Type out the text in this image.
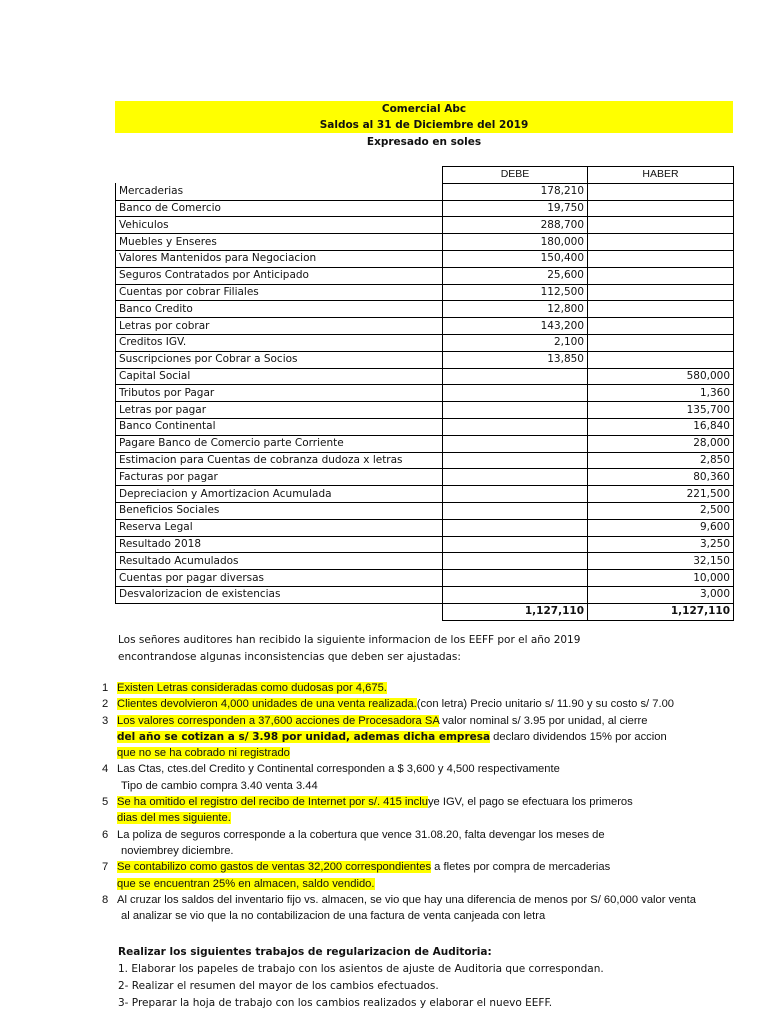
Comercial Abc
Saldos al 31 de Diciembre del 2019
Expresado en soles
	DEBE	HABER
Mercaderias	178,210	
Banco de Comercio	19,750	
Vehiculos	288,700	
Muebles y Enseres	180,000	
Valores Mantenidos para Negociacion	150,400	
Seguros Contratados por Anticipado	25,600	
Cuentas por cobrar Filiales	112,500	
Banco Credito	12,800	
Letras por cobrar	143,200	
Creditos IGV.	2,100	
Suscripciones por Cobrar a Socios	13,850	
Capital Social		580,000
Tributos por Pagar		1,360
Letras por pagar		135,700
Banco Continental		16,840
Pagare Banco de Comercio parte Corriente		28,000
Estimacion para Cuentas de cobranza dudoza x letras		2,850
Facturas por pagar		80,360
Depreciacion y Amortizacion Acumulada		221,500
Beneficios Sociales		2,500
Reserva Legal		9,600
Resultado 2018		3,250
Resultado Acumulados		32,150
Cuentas por pagar diversas		10,000
Desvalorizacion de existencias		3,000
	1,127,110	1,127,110
Los señores auditores han recibido la siguiente informacion de los EEFF por el año 2019
encontrandose algunas inconsistencias que deben ser ajustadas:
1 Existen Letras consideradas como dudosas por 4,675.
2 Clientes devolvieron 4,000 unidades de una venta realizada.(con letra) Precio unitario s/ 11.90 y su costo s/ 7.00
3 Los valores corresponden a 37,600 acciones de Procesadora SA valor nominal s/ 3.95 por unidad, al cierre
del año se cotizan a s/ 3.98 por unidad, ademas dicha empresa declaro dividendos 15% por accion
que no se ha cobrado ni registrado
4 Las Ctas, ctes.del Credito y Continental corresponden a $ 3,600 y 4,500 respectivamente
Tipo de cambio compra 3.40 venta 3.44
5 Se ha omitido el registro del recibo de Internet por s/. 415 incluye IGV, el pago se efectuara los primeros
dias del mes siguiente.
6 La poliza de seguros corresponde a la cobertura que vence 31.08.20, falta devengar los meses de
noviembrey diciembre.
7 Se contabilizo como gastos de ventas 32,200 correspondientes a fletes por compra de mercaderias
que se encuentran 25% en almacen, saldo vendido.
8 Al cruzar los saldos del inventario fijo vs. almacen, se vio que hay una diferencia de menos por S/ 60,000 valor venta
al analizar se vio que la no contabilizacion de una factura de venta canjeada con letra
Realizar los siguientes trabajos de regularizacion de Auditoria:
1. Elaborar los papeles de trabajo con los asientos de ajuste de Auditoria que correspondan.
2- Realizar el resumen del mayor de los cambios efectuados.
3- Preparar la hoja de trabajo con los cambios realizados y elaborar el nuevo EEFF.
